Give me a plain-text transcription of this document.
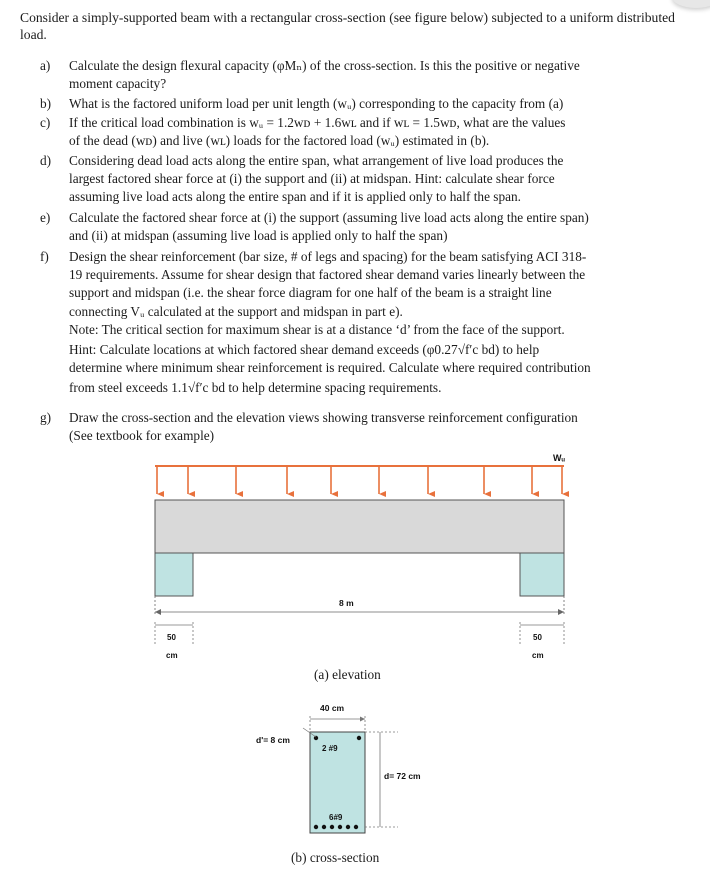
Consider a simply-supported beam with a rectangular cross-section (see figure below) subjected to a uniform distributed load.
a)	Calculate the design flexural capacity (φMₙ) of the cross-section. Is this the positive or negative
moment capacity?
b)	What is the factored uniform load per unit length (wᵤ) corresponding to the capacity from (a)
c)	If the critical load combination is wᵤ = 1.2wᴅ + 1.6wʟ and if wʟ = 1.5wᴅ, what are the values
of the dead (wᴅ) and live (wʟ) loads for the factored load (wᵤ) estimated in (b).
d)	Considering dead load acts along the entire span, what arrangement of live load produces the
largest factored shear force at (i) the support and (ii) at midspan. Hint: calculate shear force
assuming live load acts along the entire span and if it is applied only to half the span.
e)	Calculate the factored shear force at (i) the support (assuming live load acts along the entire span)
and (ii) at midspan (assuming live load is applied only to half the span)
f)	Design the shear reinforcement (bar size, # of legs and spacing) for the beam satisfying ACI 318-
19 requirements. Assume for shear design that factored shear demand varies linearly between the
support and midspan (i.e. the shear force diagram for one half of the beam is a straight line
connecting Vᵤ calculated at the support and midspan in part e).
Note: The critical section for maximum shear is at a distance ‘d’ from the face of the support.
Hint: Calculate locations at which factored shear demand exceeds (φ0.27√f′c bd) to help
determine where minimum shear reinforcement is required. Calculate where required contribution
from steel exceeds 1.1√f′c bd to help determine spacing requirements.
g)	Draw the cross-section and the elevation views showing transverse reinforcement configuration
(See textbook for example)
Wᵤ
8 m
50
cm
50
cm
(a) elevation
40 cm
2 #9
d'= 8 cm
d= 72 cm
6#9
(b) cross-section
